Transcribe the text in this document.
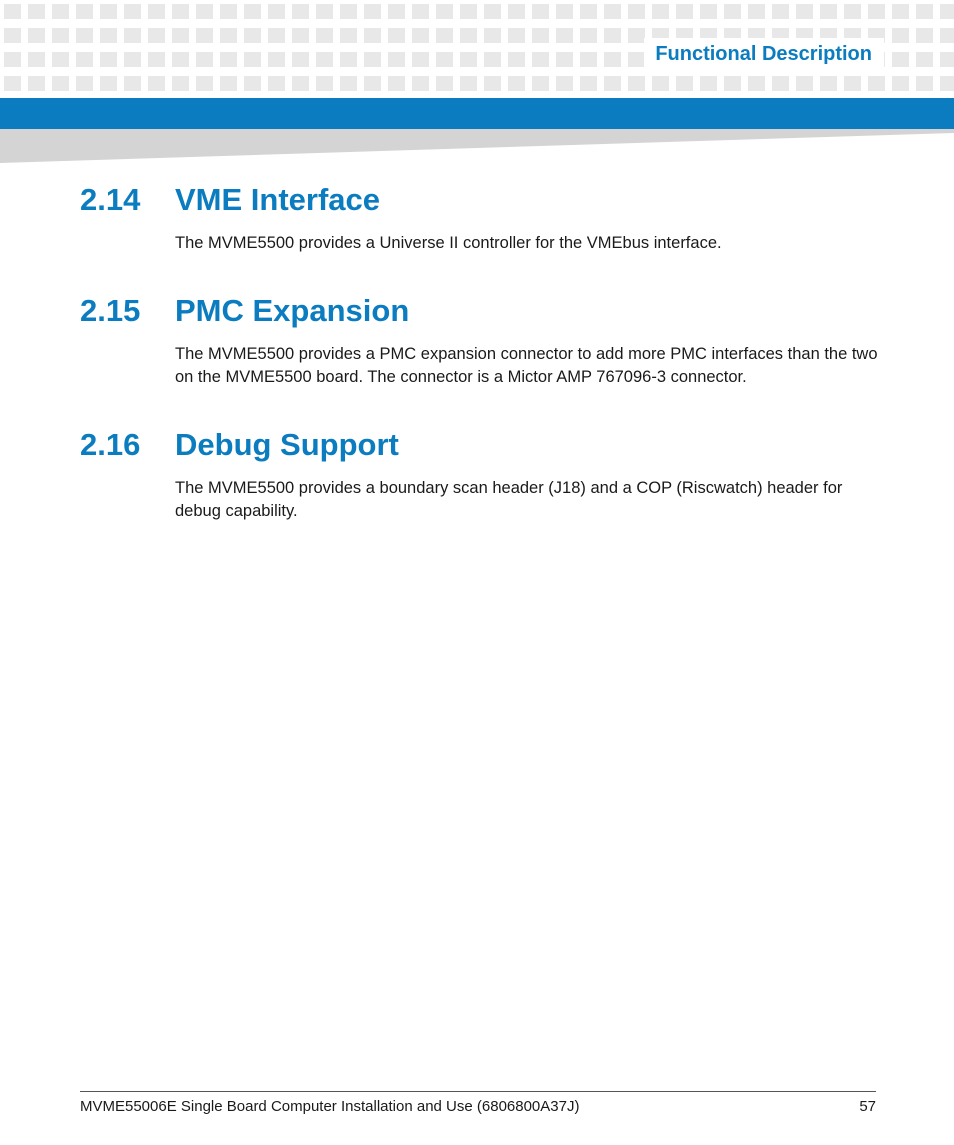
Functional Description
2.14	VME Interface

The MVME5500 provides a Universe II controller for the VMEbus interface.

2.15	PMC Expansion

The MVME5500 provides a PMC expansion connector to add more PMC interfaces than the two on the MVME5500 board. The connector is a Mictor AMP 767096-3 connector.

2.16	Debug Support

The MVME5500 provides a boundary scan header (J18) and a COP (Riscwatch) header for debug capability.

MVME55006E Single Board Computer Installation and Use (6806800A37J)	57
